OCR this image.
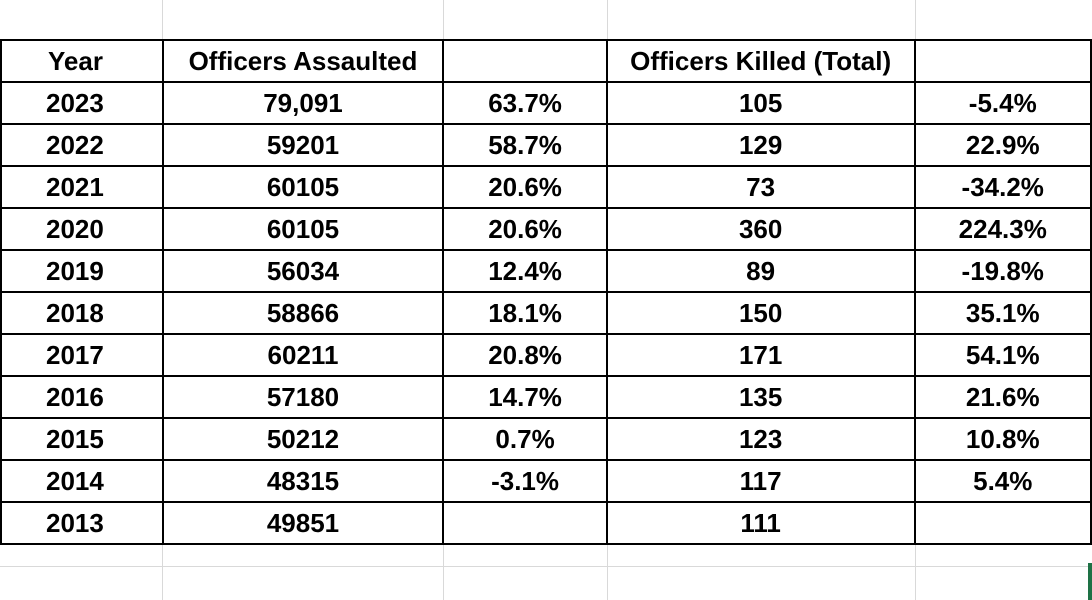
Year	Officers Assaulted		Officers Killed (Total)	
2023	79,091	63.7%	105	-5.4%
2022	59201	58.7%	129	22.9%
2021	60105	20.6%	73	-34.2%
2020	60105	20.6%	360	224.3%
2019	56034	12.4%	89	-19.8%
2018	58866	18.1%	150	35.1%
2017	60211	20.8%	171	54.1%
2016	57180	14.7%	135	21.6%
2015	50212	0.7%	123	10.8%
2014	48315	-3.1%	117	5.4%
2013	49851		111	
